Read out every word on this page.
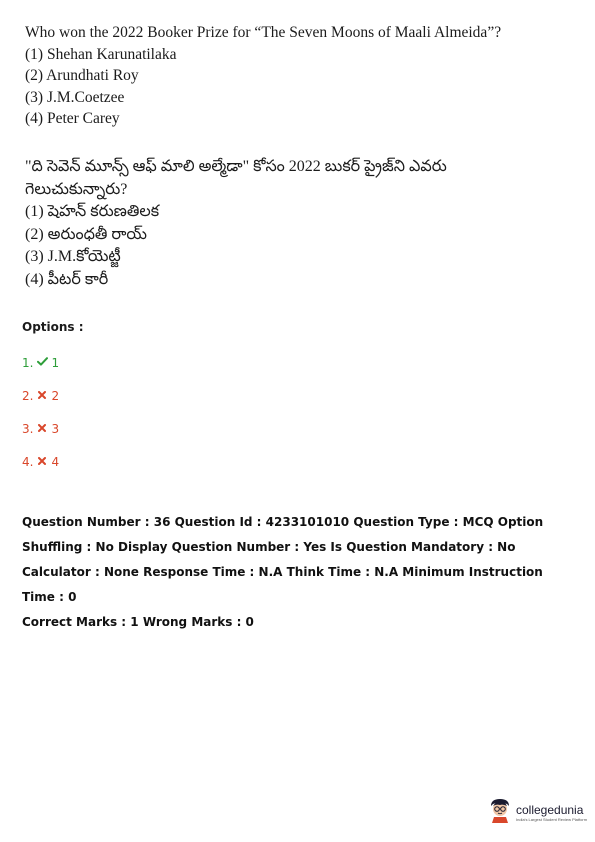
Who won the 2022 Booker Prize for “The Seven Moons of Maali Almeida”?
(1) Shehan Karunatilaka
(2) Arundhati Roy
(3) J.M.Coetzee
(4) Peter Carey
"ది సెవెన్ మూన్స్ ఆఫ్ మాలి అల్మేడా" కోసం 2022 బుకర్ ప్రైజ్‌ని ఎవరు
గెలుచుకున్నారు?
(1) షెహన్ కరుణతిలక
(2) అరుంధతీ రాయ్
(3) J.M.కోయెట్జీ
(4) పీటర్ కారీ
Options :
1. 1
2. 2
3. 3
4. 4

Question Number : 36 Question Id : 4233101010 Question Type : MCQ Option Shuffling : No Display Question Number : Yes Is Question Mandatory : No Calculator : None Response Time : N.A Think Time : N.A Minimum Instruction Time : 0

Correct Marks : 1 Wrong Marks : 0

collegedunia
India's Largest Student Review Platform
